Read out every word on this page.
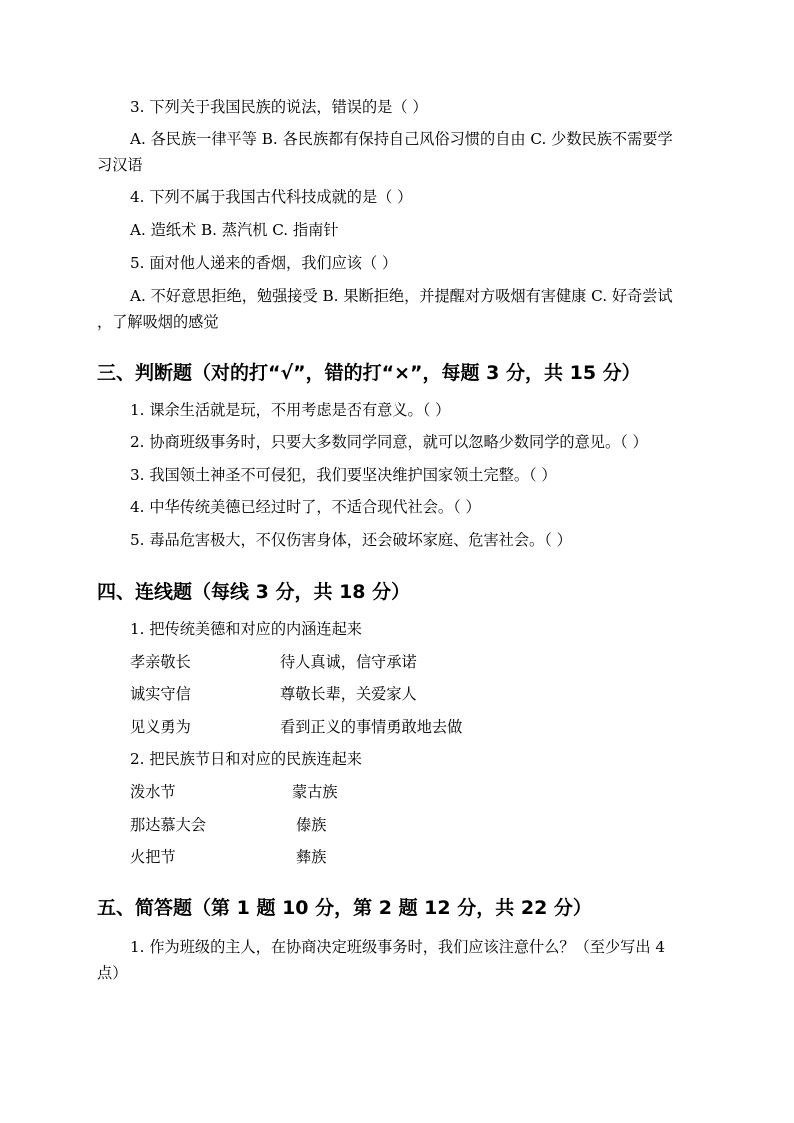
3. 下列关于我国民族的说法，错误的是（ ）
A. 各民族一律平等 B. 各民族都有保持自己风俗习惯的自由 C. 少数民族不需要学
习汉语
4. 下列不属于我国古代科技成就的是（ ）
A. 造纸术 B. 蒸汽机 C. 指南针
5. 面对他人递来的香烟，我们应该（ ）
A. 不好意思拒绝，勉强接受 B. 果断拒绝，并提醒对方吸烟有害健康 C. 好奇尝试
，了解吸烟的感觉
三、判断题（对的打“√”，错的打“×”，每题 3 分，共 15 分）
1. 课余生活就是玩，不用考虑是否有意义。（ ）
2. 协商班级事务时，只要大多数同学同意，就可以忽略少数同学的意见。（ ）
3. 我国领土神圣不可侵犯，我们要坚决维护国家领土完整。（ ）
4. 中华传统美德已经过时了，不适合现代社会。（ ）
5. 毒品危害极大，不仅伤害身体，还会破坏家庭、危害社会。（ ）
四、连线题（每线 3 分，共 18 分）
1. 把传统美德和对应的内涵连起来
孝亲敬长	待人真诚，信守承诺
诚实守信	尊敬长辈，关爱家人
见义勇为	看到正义的事情勇敢地去做
2. 把民族节日和对应的民族连起来
泼水节	蒙古族
那达慕大会	傣族
火把节	彝族
五、简答题（第 1 题 10 分，第 2 题 12 分，共 22 分）
1. 作为班级的主人，在协商决定班级事务时，我们应该注意什么？（至少写出 4
点）
